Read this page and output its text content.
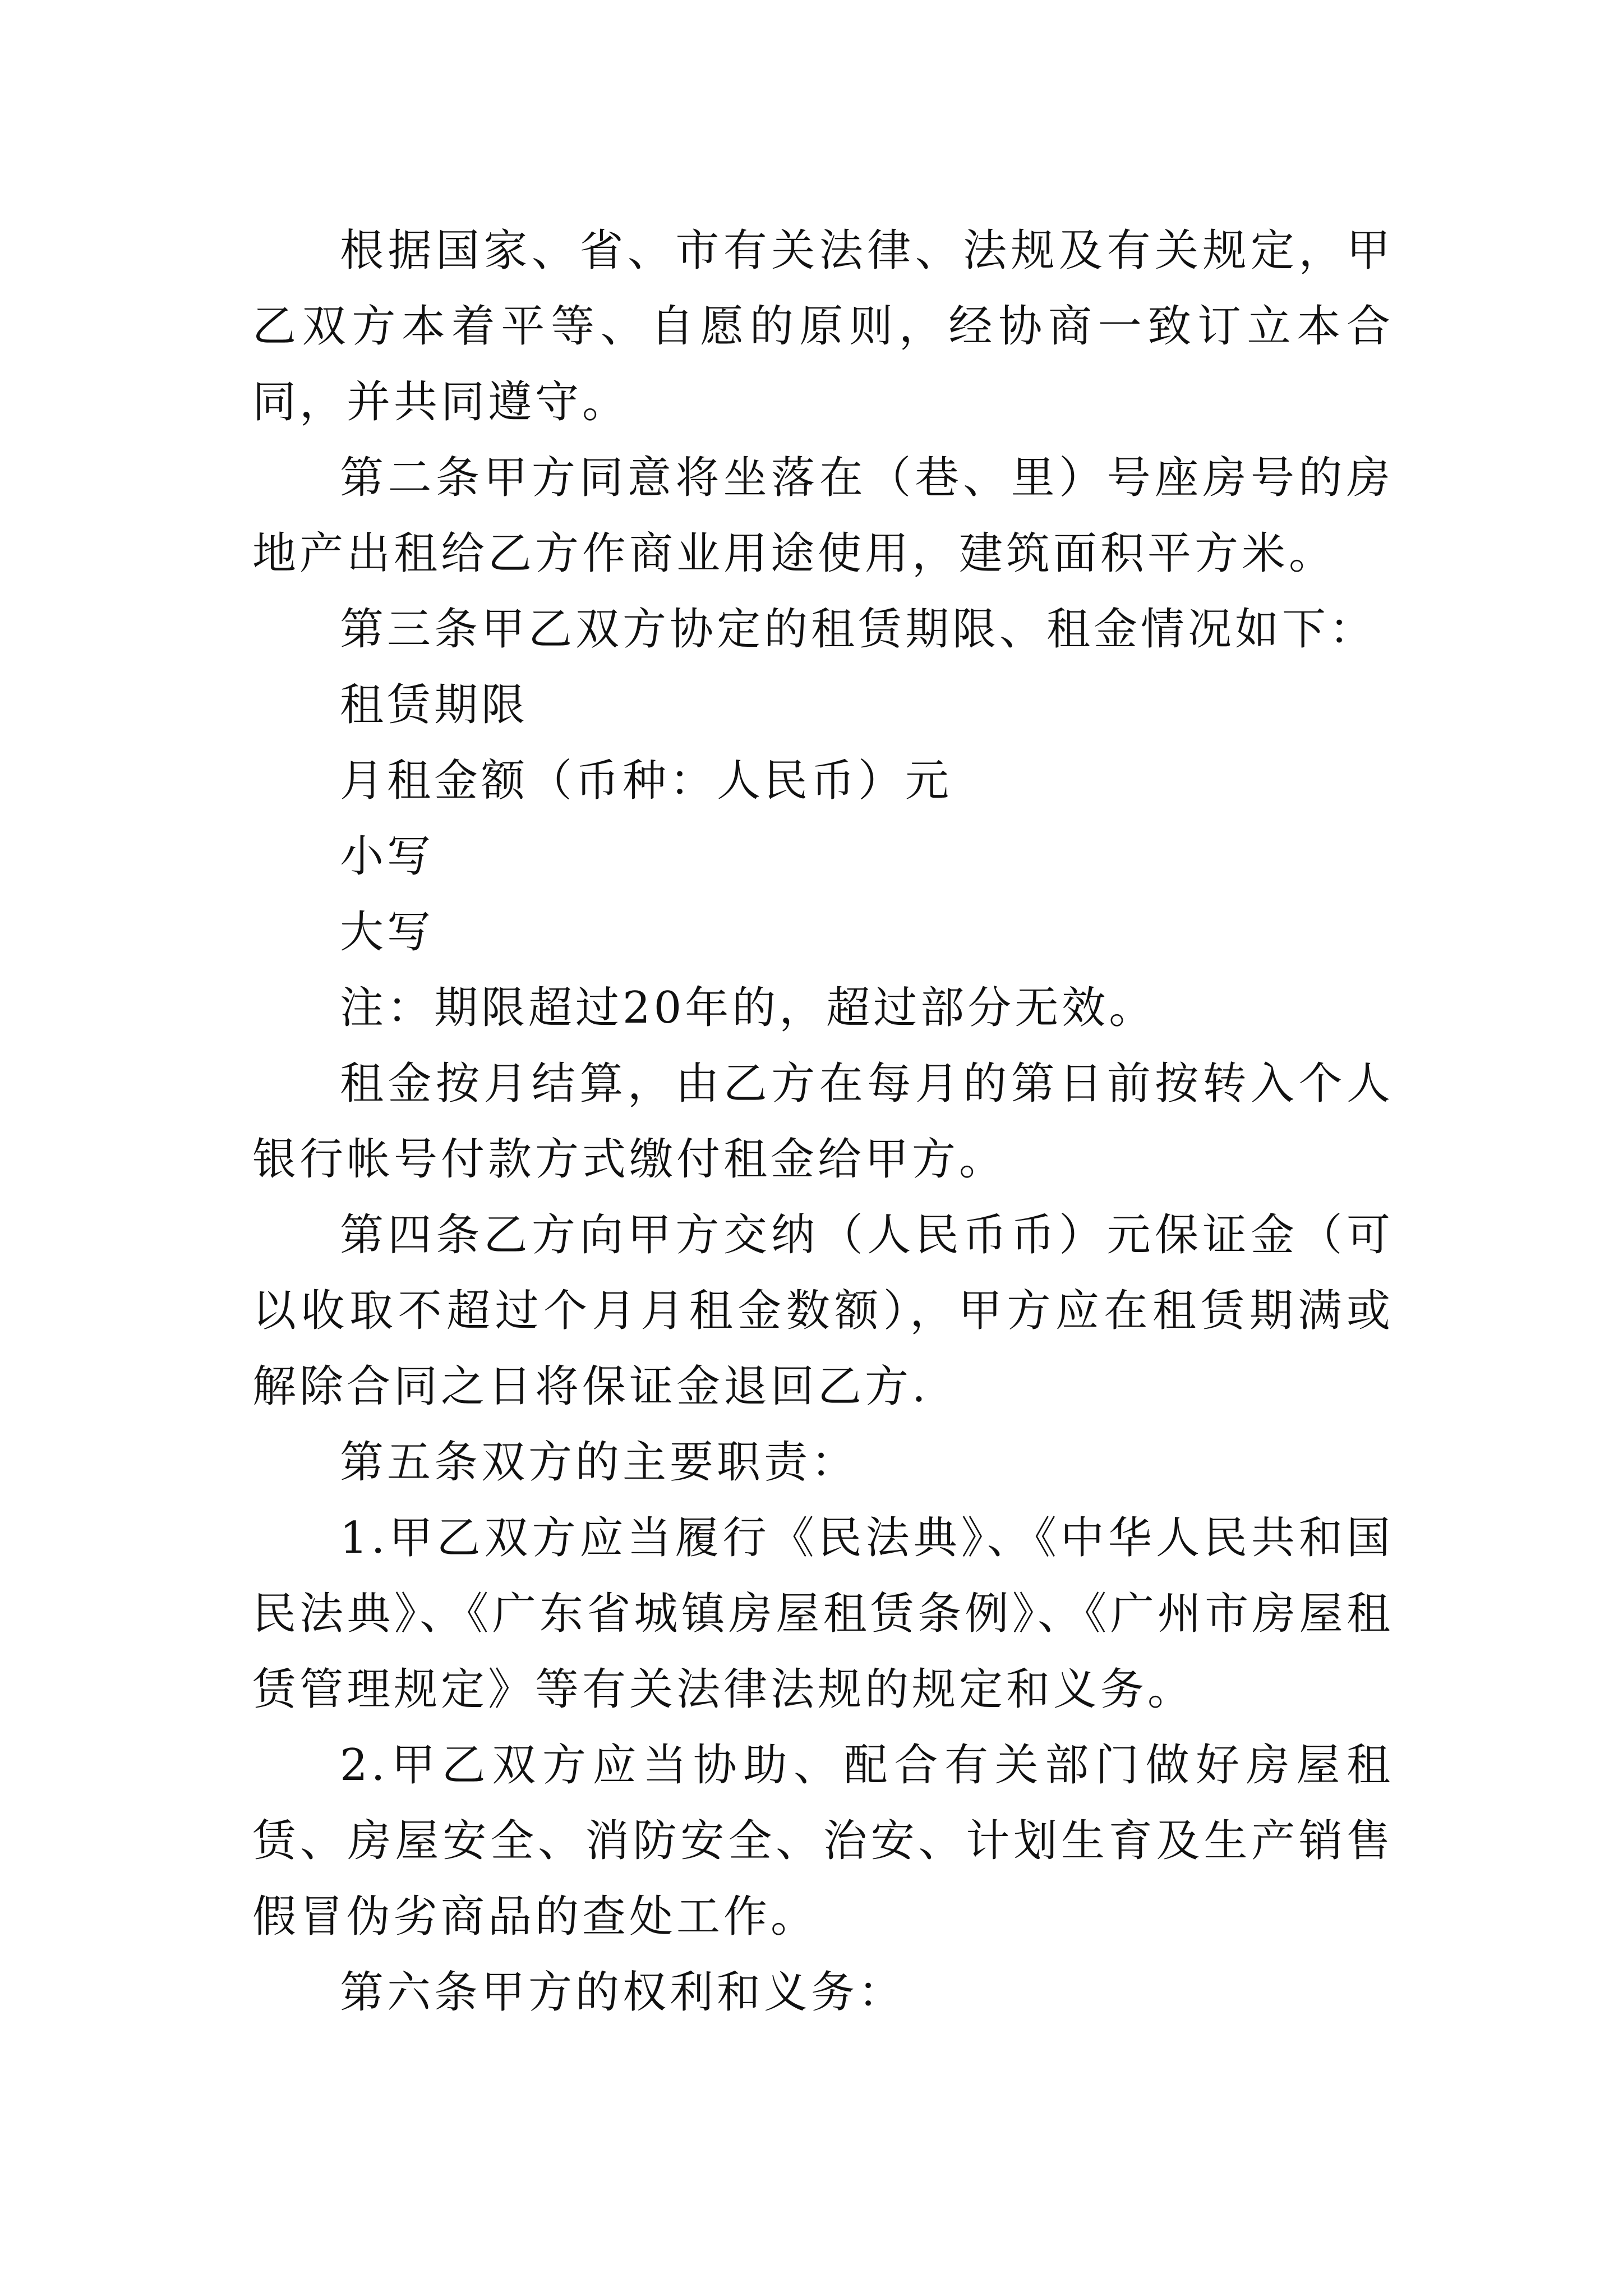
根据国家、省、市有关法律、法规及有关规定，甲乙双方本着平等、自愿的原则，经协商一致订立本合同，并共同遵守。

第二条甲方同意将坐落在（巷、里）号座房号的房地产出租给乙方作商业用途使用，建筑面积平方米。

第三条甲乙双方协定的租赁期限、租金情况如下：

租赁期限

月租金额（币种：人民币）元

小写

大写

注：期限超过20年的，超过部分无效。

租金按月结算，由乙方在每月的第日前按转入个人银行帐号付款方式缴付租金给甲方。

第四条乙方向甲方交纳（人民币币）元保证金（可以收取不超过个月月租金数额），甲方应在租赁期满或解除合同之日将保证金退回乙方.

第五条双方的主要职责：

1.甲乙双方应当履行《民法典》、《中华人民共和国民法典》、《广东省城镇房屋租赁条例》、《广州市房屋租赁管理规定》等有关法律法规的规定和义务。

2.甲乙双方应当协助、配合有关部门做好房屋租赁、房屋安全、消防安全、治安、计划生育及生产销售假冒伪劣商品的查处工作。

第六条甲方的权利和义务：
